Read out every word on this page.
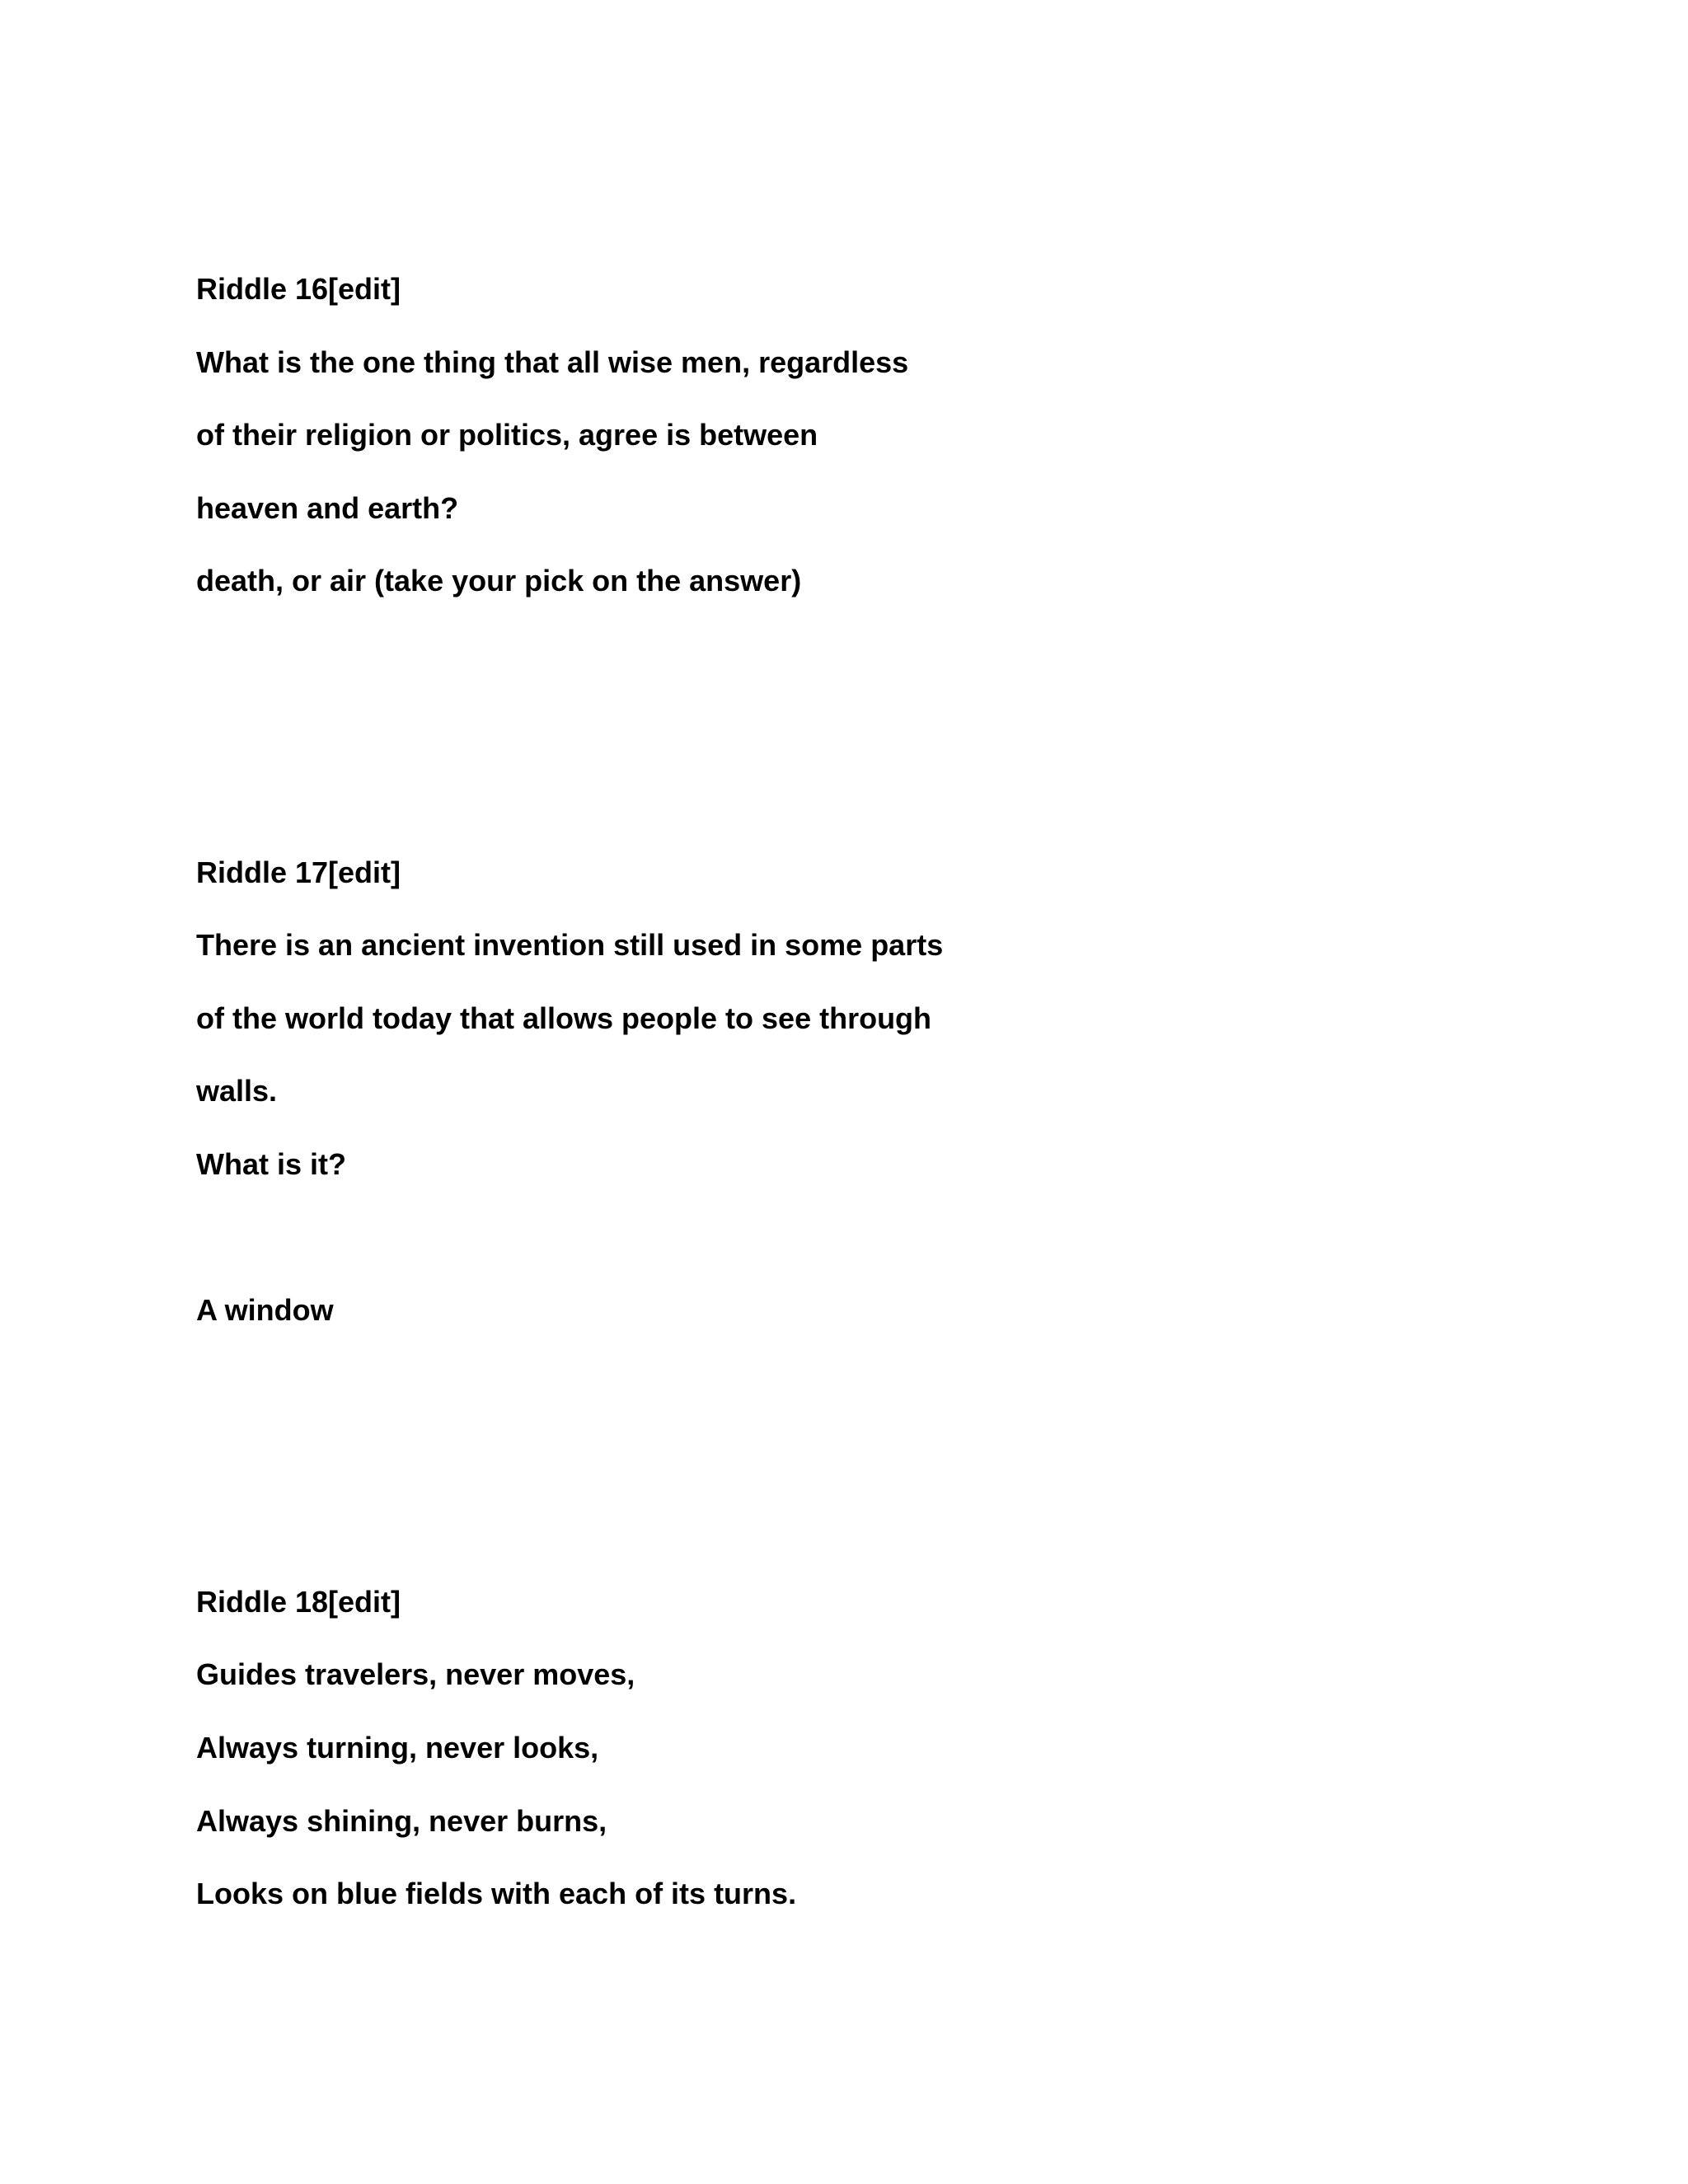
Riddle 16[edit]

What is the one thing that all wise men, regardless

of their religion or politics, agree is between

heaven and earth?

death, or air (take your pick on the answer)

Riddle 17[edit]

There is an ancient invention still used in some parts

of the world today that allows people to see through

walls.

What is it?

A window

Riddle 18[edit]

Guides travelers, never moves,

Always turning, never looks,

Always shining, never burns,

Looks on blue fields with each of its turns.
